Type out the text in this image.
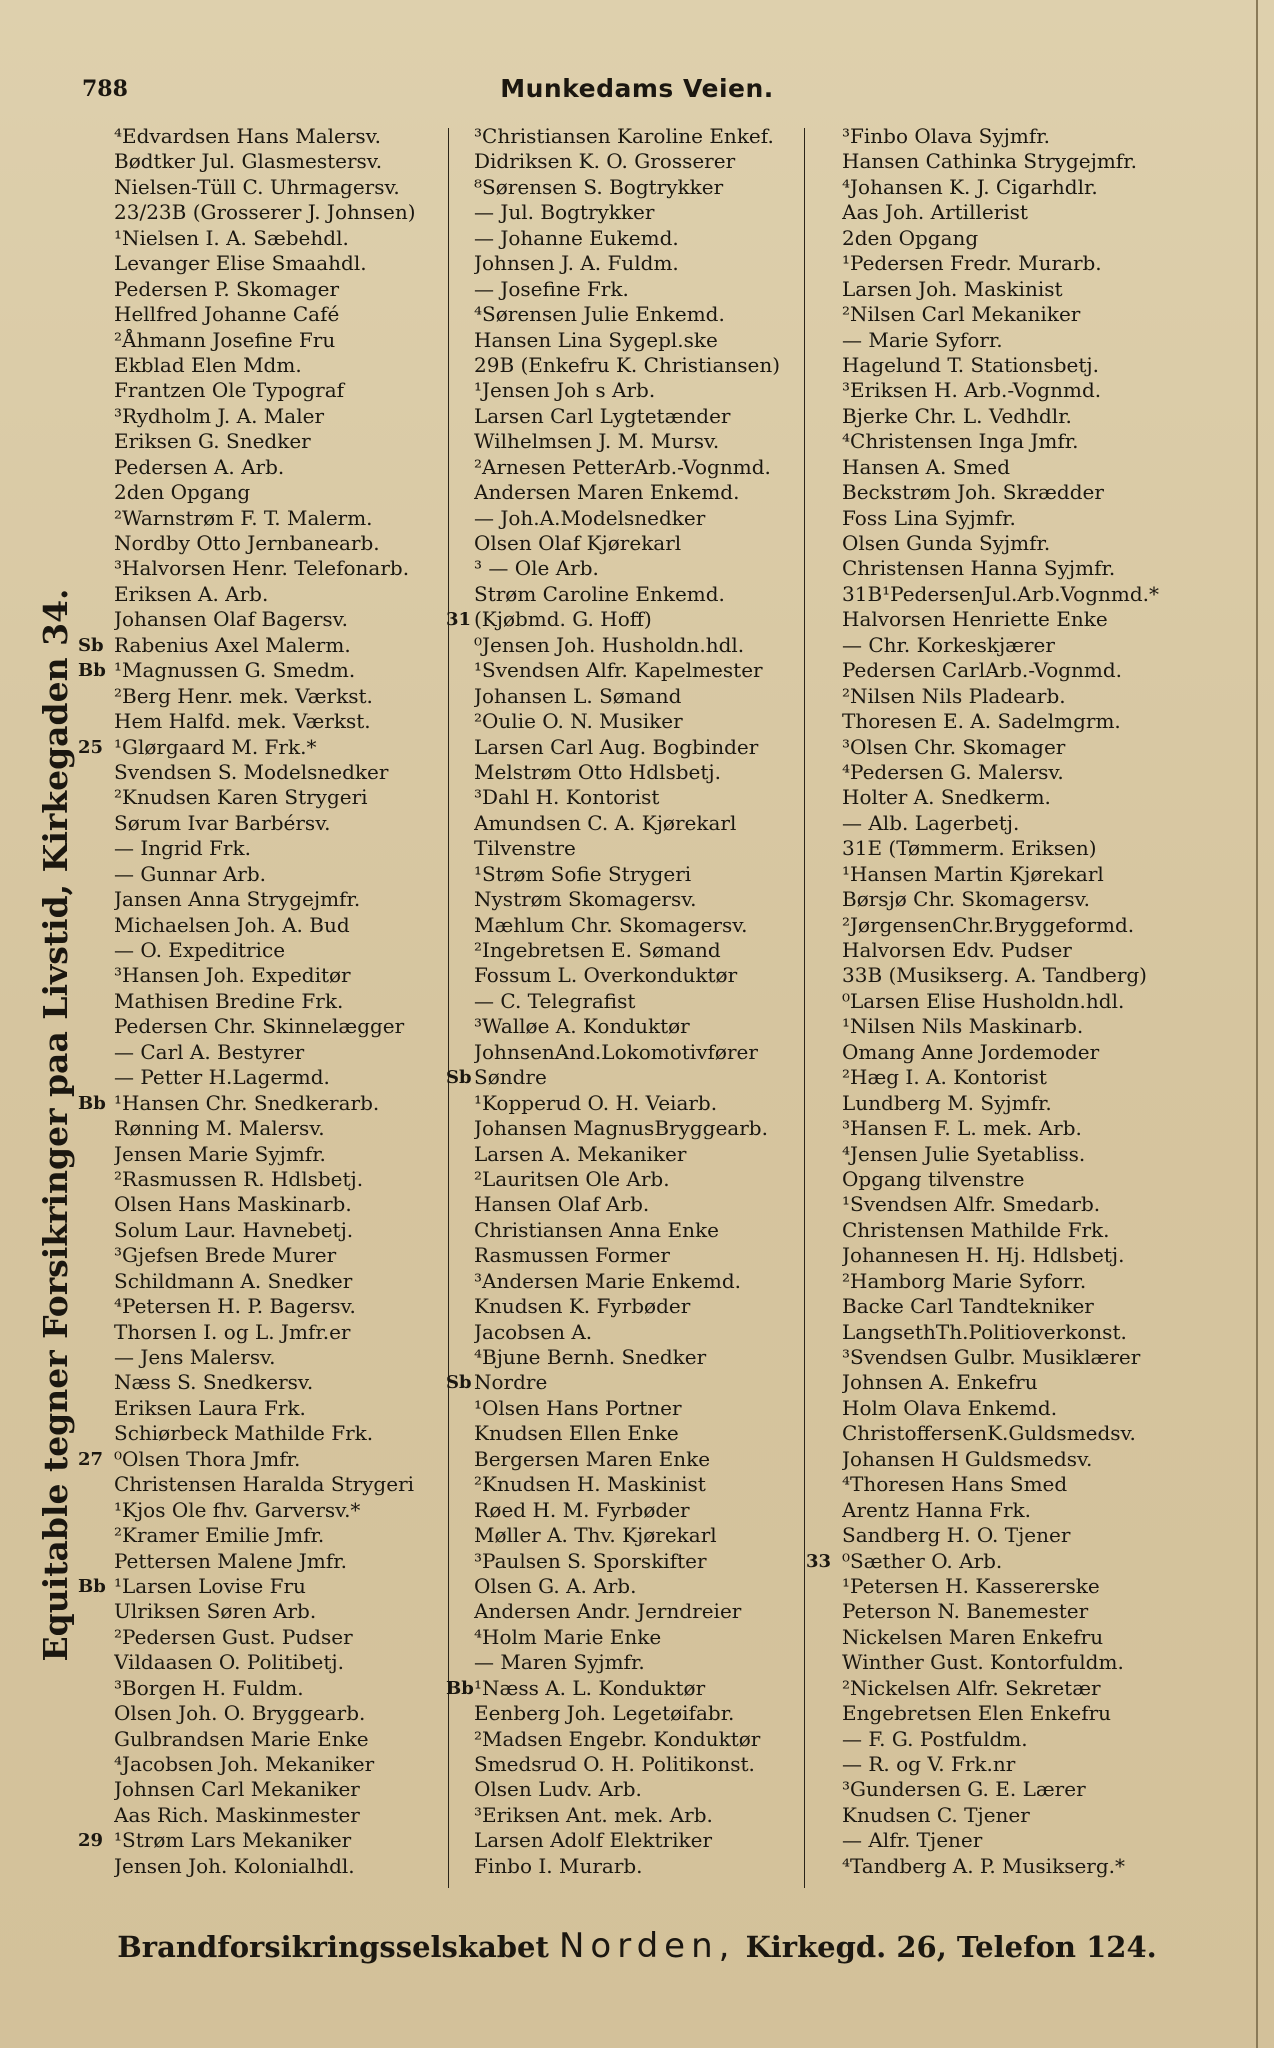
788	Munkedams Veien.
Equitable tegner Forsikringer paa Livstid, Kirkegaden 34.
⁴Edvardsen Hans Malersv.
Bødtker Jul. Glasmestersv.
Nielsen-Tüll C. Uhrmagersv.
23/23B (Grosserer J. Johnsen)
¹Nielsen I. A. Sæbehdl.
Levanger Elise Smaahdl.
Pedersen P. Skomager
Hellfred Johanne Café
²Åhmann Josefine Fru
Ekblad Elen Mdm.
Frantzen Ole Typograf
³Rydholm J. A. Maler
Eriksen G. Snedker
Pedersen A. Arb.
2den Opgang
²Warnstrøm F. T. Malerm.
Nordby Otto Jernbanearb.
³Halvorsen Henr. Telefonarb.
Eriksen A. Arb.
Johansen Olaf Bagersv.
Sb Rabenius Axel Malerm.
Bb ¹Magnussen G. Smedm.
²Berg Henr. mek. Værkst.
Hem Halfd. mek. Værkst.
25 ¹Glørgaard M. Frk.*
Svendsen S. Modelsnedker
²Knudsen Karen Strygeri
Sørum Ivar Barbérsv.
— Ingrid Frk.
— Gunnar Arb.
Jansen Anna Strygejmfr.
Michaelsen Joh. A. Bud
— O. Expeditrice
³Hansen Joh. Expeditør
Mathisen Bredine Frk.
Pedersen Chr. Skinnelægger
— Carl A. Bestyrer
— Petter H.Lagermd.
Bb ¹Hansen Chr. Snedkerarb.
Rønning M. Malersv.
Jensen Marie Syjmfr.
²Rasmussen R. Hdlsbetj.
Olsen Hans Maskinarb.
Solum Laur. Havnebetj.
³Gjefsen Brede Murer
Schildmann A. Snedker
⁴Petersen H. P. Bagersv.
Thorsen I. og L. Jmfr.er
— Jens Malersv.
Næss S. Snedkersv.
Eriksen Laura Frk.
Schiørbeck Mathilde Frk.
27 ⁰Olsen Thora Jmfr.
Christensen Haralda Strygeri
¹Kjos Ole fhv. Garversv.*
²Kramer Emilie Jmfr.
Pettersen Malene Jmfr.
Bb ¹Larsen Lovise Fru
Ulriksen Søren Arb.
²Pedersen Gust. Pudser
Vildaasen O. Politibetj.
³Borgen H. Fuldm.
Olsen Joh. O. Bryggearb.
Gulbrandsen Marie Enke
⁴Jacobsen Joh. Mekaniker
Johnsen Carl Mekaniker
Aas Rich. Maskinmester
29 ¹Strøm Lars Mekaniker
Jensen Joh. Kolonialhdl.
³Christiansen Karoline Enkef.
Didriksen K. O. Grosserer
⁸Sørensen S. Bogtrykker
— Jul. Bogtrykker
— Johanne Eukemd.
Johnsen J. A. Fuldm.
— Josefine Frk.
⁴Sørensen Julie Enkemd.
Hansen Lina Sygepl.ske
29B (Enkefru K. Christiansen)
¹Jensen Joh s Arb.
Larsen Carl Lygtetænder
Wilhelmsen J. M. Mursv.
²Arnesen PetterArb.-Vognmd.
Andersen Maren Enkemd.
— Joh.A.Modelsnedker
Olsen Olaf Kjørekarl
³ — Ole Arb.
Strøm Caroline Enkemd.
31 (Kjøbmd. G. Hoff)
⁰Jensen Joh. Husholdn.hdl.
¹Svendsen Alfr. Kapelmester
Johansen L. Sømand
²Oulie O. N. Musiker
Larsen Carl Aug. Bogbinder
Melstrøm Otto Hdlsbetj.
³Dahl H. Kontorist
Amundsen C. A. Kjørekarl
Tilvenstre
¹Strøm Sofie Strygeri
Nystrøm Skomagersv.
Mæhlum Chr. Skomagersv.
²Ingebretsen E. Sømand
Fossum L. Overkonduktør
— C. Telegrafist
³Walløe A. Konduktør
JohnsenAnd.Lokomotivfører
Sb Søndre
¹Kopperud O. H. Veiarb.
Johansen MagnusBryggearb.
Larsen A. Mekaniker
²Lauritsen Ole Arb.
Hansen Olaf Arb.
Christiansen Anna Enke
Rasmussen Former
³Andersen Marie Enkemd.
Knudsen K. Fyrbøder
Jacobsen A.
⁴Bjune Bernh. Snedker
Sb Nordre
¹Olsen Hans Portner
Knudsen Ellen Enke
Bergersen Maren Enke
²Knudsen H. Maskinist
Røed H. M. Fyrbøder
Møller A. Thv. Kjørekarl
³Paulsen S. Sporskifter
Olsen G. A. Arb.
Andersen Andr. Jerndreier
⁴Holm Marie Enke
— Maren Syjmfr.
Bb ¹Næss A. L. Konduktør
Eenberg Joh. Legetøifabr.
²Madsen Engebr. Konduktør
Smedsrud O. H. Politikonst.
Olsen Ludv. Arb.
³Eriksen Ant. mek. Arb.
Larsen Adolf Elektriker
Finbo I. Murarb.
³Finbo Olava Syjmfr.
Hansen Cathinka Strygejmfr.
⁴Johansen K. J. Cigarhdlr.
Aas Joh. Artillerist
2den Opgang
¹Pedersen Fredr. Murarb.
Larsen Joh. Maskinist
²Nilsen Carl Mekaniker
— Marie Syforr.
Hagelund T. Stationsbetj.
³Eriksen H. Arb.-Vognmd.
Bjerke Chr. L. Vedhdlr.
⁴Christensen Inga Jmfr.
Hansen A. Smed
Beckstrøm Joh. Skrædder
Foss Lina Syjmfr.
Olsen Gunda Syjmfr.
Christensen Hanna Syjmfr.
31B¹PedersenJul.Arb.Vognmd.*
Halvorsen Henriette Enke
— Chr. Korkeskjærer
Pedersen CarlArb.-Vognmd.
²Nilsen Nils Pladearb.
Thoresen E. A. Sadelmgrm.
³Olsen Chr. Skomager
⁴Pedersen G. Malersv.
Holter A. Snedkerm.
— Alb. Lagerbetj.
31E (Tømmerm. Eriksen)
¹Hansen Martin Kjørekarl
Børsjø Chr. Skomagersv.
²JørgensenChr.Bryggeformd.
Halvorsen Edv. Pudser
33B (Musikserg. A. Tandberg)
⁰Larsen Elise Husholdn.hdl.
¹Nilsen Nils Maskinarb.
Omang Anne Jordemoder
²Hæg I. A. Kontorist
Lundberg M. Syjmfr.
³Hansen F. L. mek. Arb.
⁴Jensen Julie Syetabliss.
Opgang tilvenstre
¹Svendsen Alfr. Smedarb.
Christensen Mathilde Frk.
Johannesen H. Hj. Hdlsbetj.
²Hamborg Marie Syforr.
Backe Carl Tandtekniker
LangsethTh.Politioverkonst.
³Svendsen Gulbr. Musiklærer
Johnsen A. Enkefru
Holm Olava Enkemd.
ChristoffersenK.Guldsmedsv.
Johansen H Guldsmedsv.
⁴Thoresen Hans Smed
Arentz Hanna Frk.
Sandberg H. O. Tjener
33 ⁰Sæther O. Arb.
¹Petersen H. Kassererske
Peterson N. Banemester
Nickelsen Maren Enkefru
Winther Gust. Kontorfuldm.
²Nickelsen Alfr. Sekretær
Engebretsen Elen Enkefru
— F. G. Postfuldm.
— R. og V. Frk.nr
³Gundersen G. E. Lærer
Knudsen C. Tjener
— Alfr. Tjener
⁴Tandberg A. P. Musikserg.*
Brandforsikringsselskabet Norden, Kirkegd. 26, Telefon 124.
